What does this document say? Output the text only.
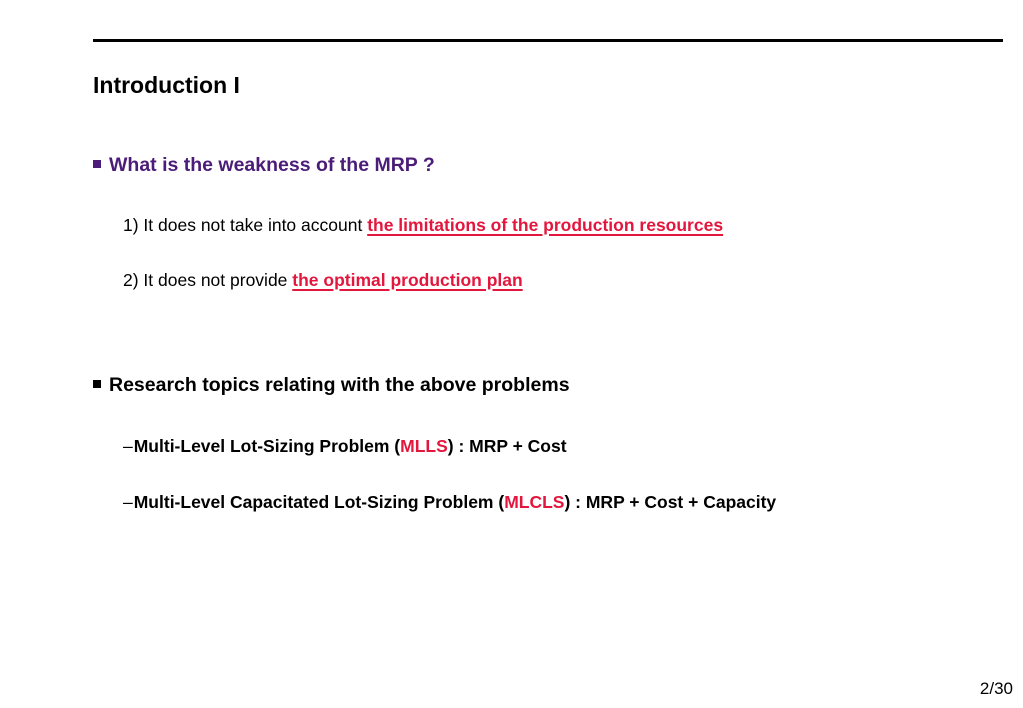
Introduction I
What is the weakness of the MRP ?
1) It does not take into account the limitations of the production resources
2) It does not provide the optimal production plan
Research topics relating with the above problems
–Multi-Level Lot-Sizing Problem (MLLS) : MRP + Cost
–Multi-Level Capacitated Lot-Sizing Problem (MLCLS) : MRP + Cost + Capacity
2/30
